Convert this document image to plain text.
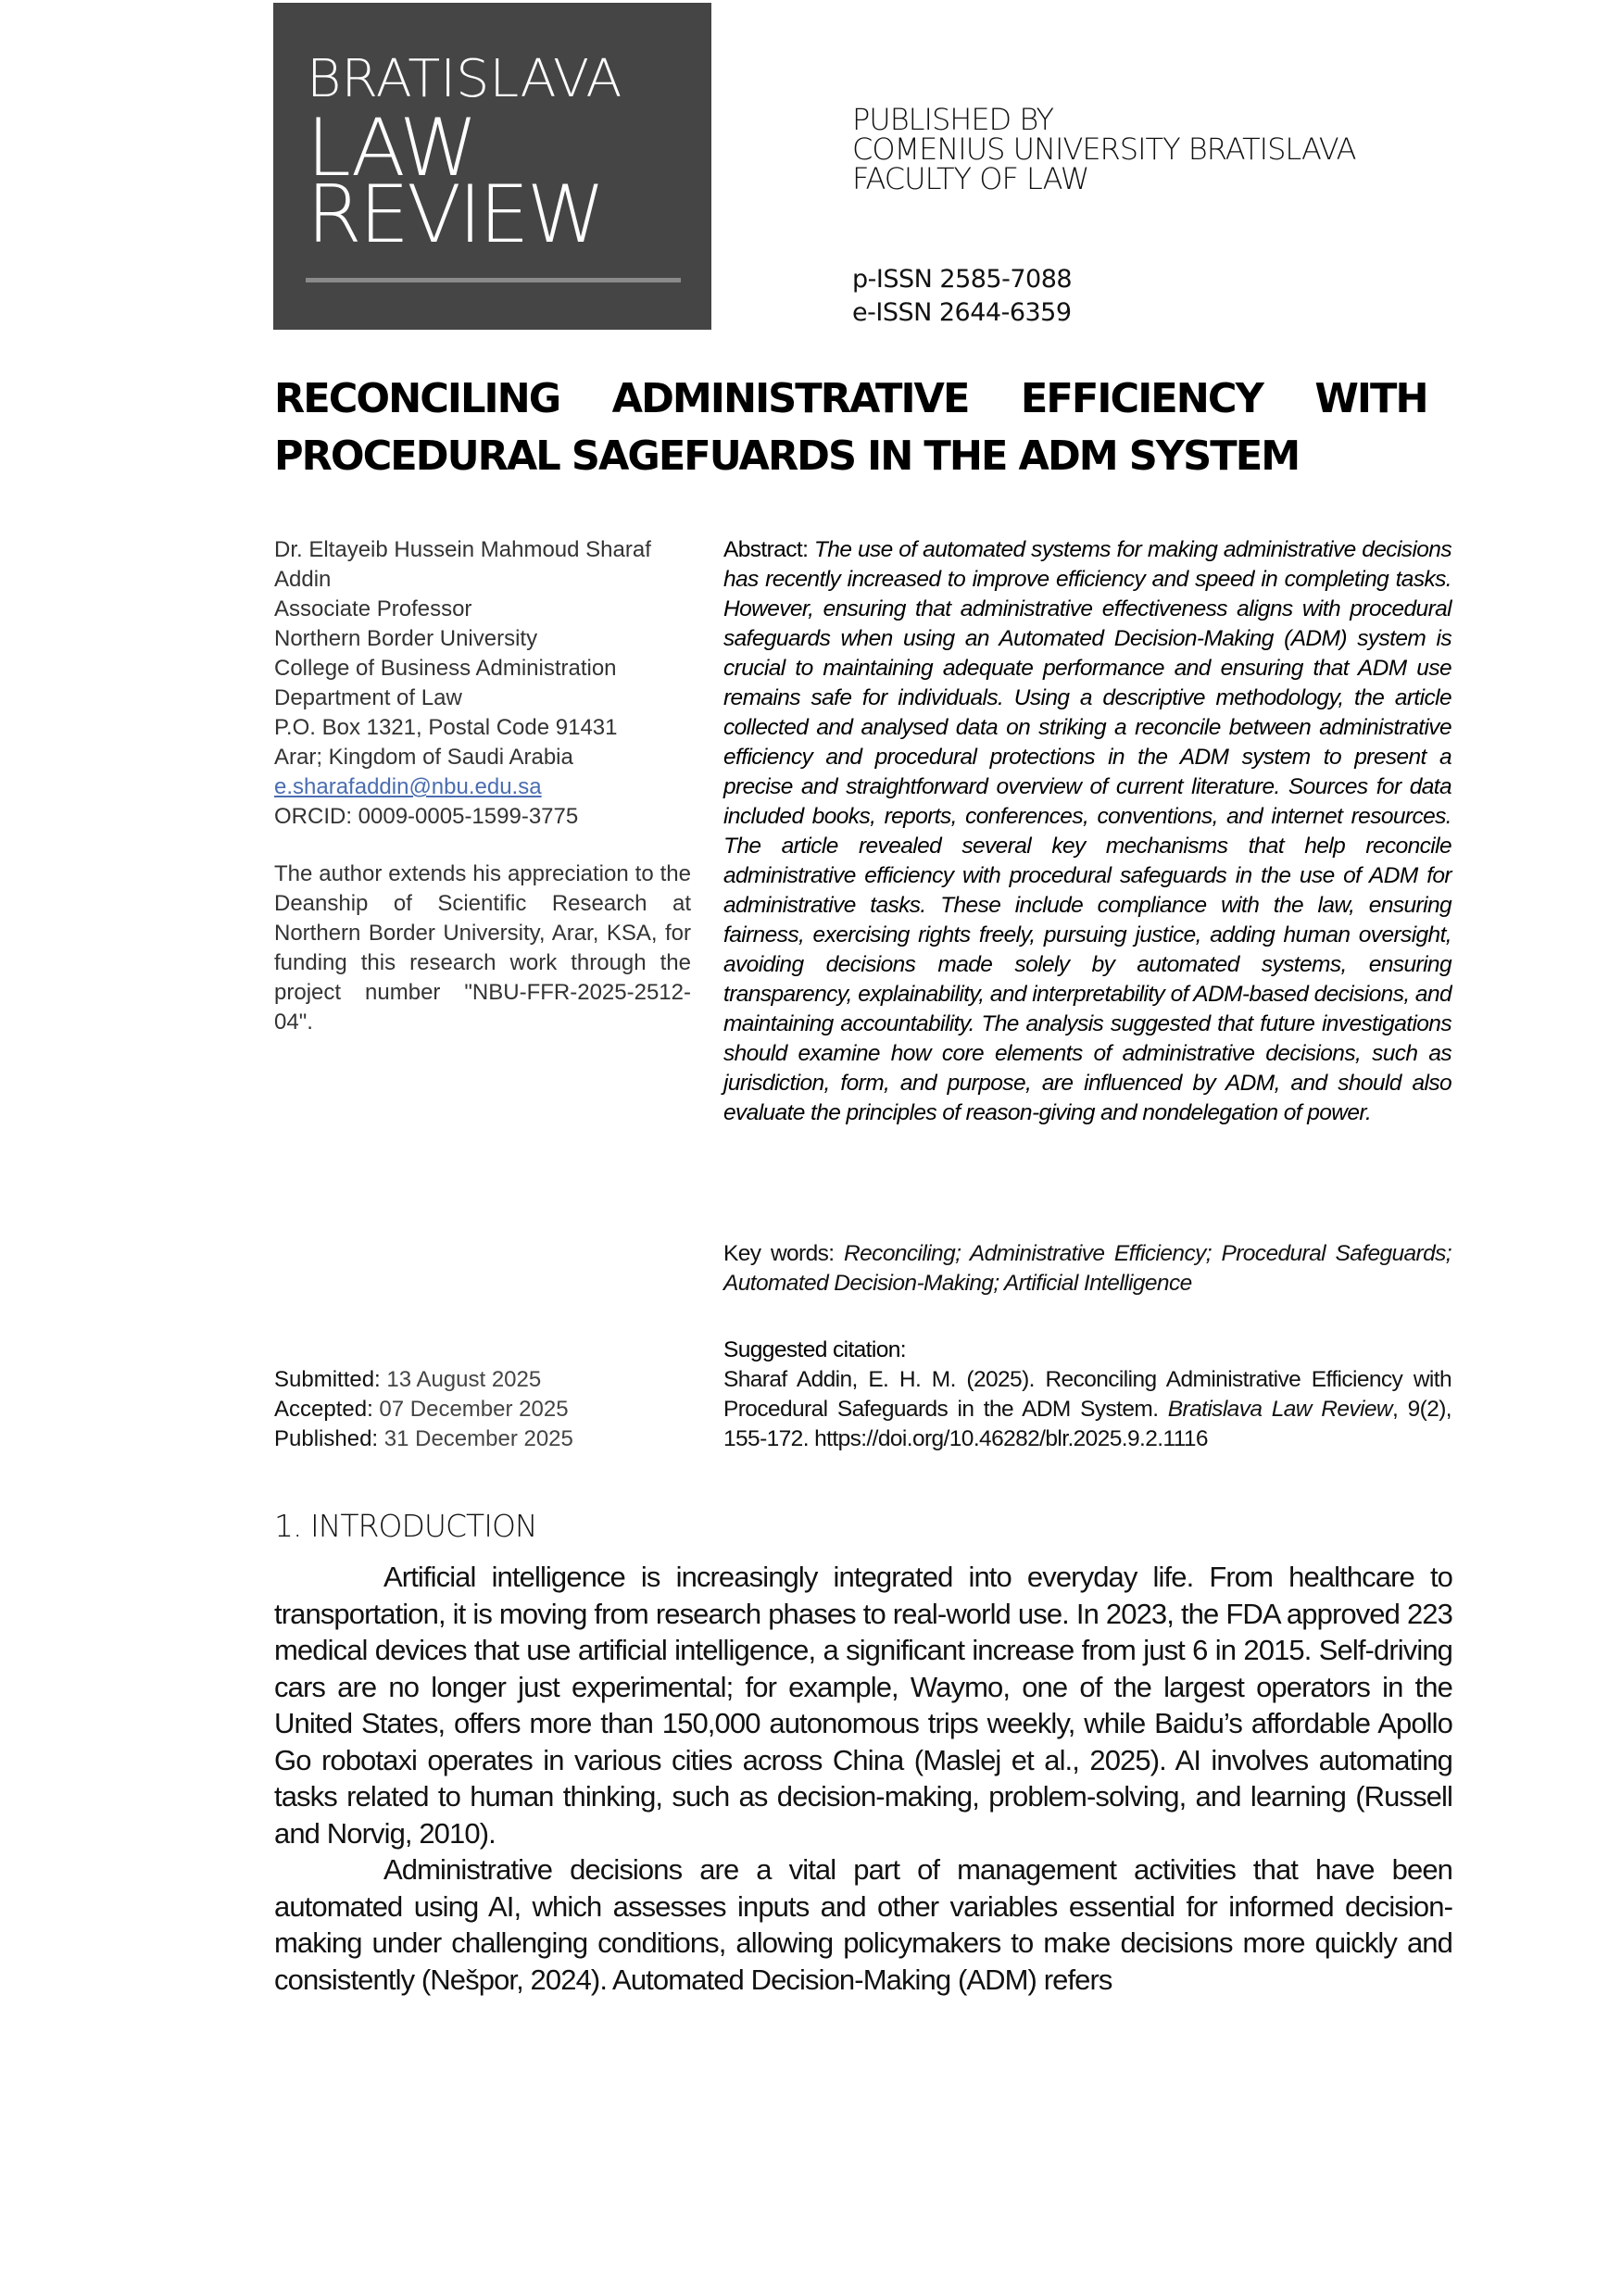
BRATISLAVA
LAW
REVIEW
PUBLISHED BY
COMENIUS UNIVERSITY BRATISLAVA
FACULTY OF LAW
p-ISSN 2585-7088
e-ISSN 2644-6359
RECONCILING ADMINISTRATIVE EFFICIENCY WITH
PROCEDURAL SAGEFUARDS IN THE ADM SYSTEM
Dr. Eltayeib Hussein Mahmoud Sharaf Addin
Associate Professor
Northern Border University
College of Business Administration
Department of Law
P.O. Box 1321, Postal Code 91431
Arar; Kingdom of Saudi Arabia
e.sharafaddin@nbu.edu.sa
ORCID: 0009-0005-1599-3775
The author extends his appreciation to the Deanship of Scientific Research at Northern Border University, Arar, KSA, for funding this research work through the project number "NBU-FFR-2025-2512-04".
Abstract: The use of automated systems for making administrative decisions has recently increased to improve efficiency and speed in completing tasks. However, ensuring that administrative effectiveness aligns with procedural safeguards when using an Automated Decision-Making (ADM) system is crucial to maintaining adequate performance and ensuring that ADM use remains safe for individuals. Using a descriptive methodology, the article collected and analysed data on striking a reconcile between administrative efficiency and procedural protections in the ADM system to present a precise and straightforward overview of current literature. Sources for data included books, reports, conferences, conventions, and internet resources. The article revealed several key mechanisms that help reconcile administrative efficiency with procedural safeguards in the use of ADM for administrative tasks. These include compliance with the law, ensuring fairness, exercising rights freely, pursuing justice, adding human oversight, avoiding decisions made solely by automated systems, ensuring transparency, explainability, and interpretability of ADM-based decisions, and maintaining accountability. The analysis suggested that future investigations should examine how core elements of administrative decisions, such as jurisdiction, form, and purpose, are influenced by ADM, and should also evaluate the principles of reason-giving and nondelegation of power.
Key words: Reconciling; Administrative Efficiency; Procedural Safeguards; Automated Decision-Making; Artificial Intelligence
Suggested citation:
Sharaf Addin, E. H. M. (2025). Reconciling Administrative Efficiency with Procedural Safeguards in the ADM System. Bratislava Law Review, 9(2), 155-172. https://doi.org/10.46282/blr.2025.9.2.1116
Submitted: 13 August 2025
Accepted: 07 December 2025
Published: 31 December 2025
1. INTRODUCTION

Artificial intelligence is increasingly integrated into everyday life. From healthcare to transportation, it is moving from research phases to real-world use. In 2023, the FDA approved 223 medical devices that use artificial intelligence, a significant increase from just 6 in 2015. Self-driving cars are no longer just experimental; for example, Waymo, one of the largest operators in the United States, offers more than 150,000 autonomous trips weekly, while Baidu’s affordable Apollo Go robotaxi operates in various cities across China (Maslej et al., 2025). AI involves automating tasks related to human thinking, such as decision-making, problem-solving, and learning (Russell and Norvig, 2010).

Administrative decisions are a vital part of management activities that have been automated using AI, which assesses inputs and other variables essential for informed decision-making under challenging conditions, allowing policymakers to make decisions more quickly and consistently (Nešpor, 2024). Automated Decision-Making (ADM) refers
